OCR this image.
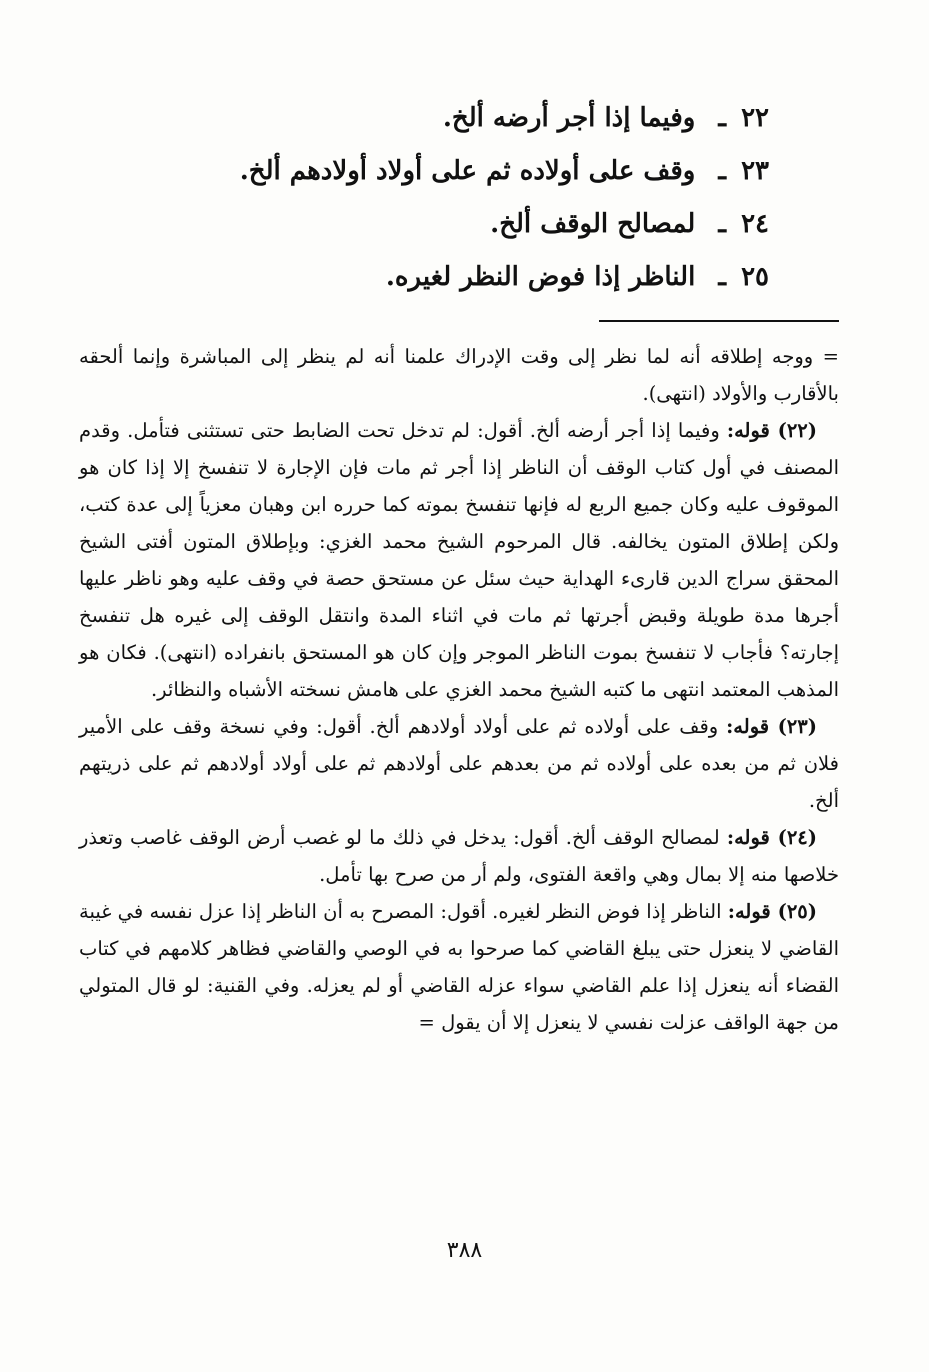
٢٢ ـ وفيما إذا أجر أرضه ألخ.
٢٣ ـ وقف على أولاده ثم على أولاد أولادهم ألخ.
٢٤ ـ لمصالح الوقف ألخ.
٢٥ ـ الناظر إذا فوض النظر لغيره.

= ووجه إطلاقه أنه لما نظر إلى وقت الإدراك علمنا أنه لم ينظر إلى المباشرة وإنما ألحقه بالأقارب والأولاد (انتهى).

(٢٢) قوله: وفيما إذا أجر أرضه ألخ. أقول: لم تدخل تحت الضابط حتى تستثنى فتأمل. وقدم المصنف في أول كتاب الوقف أن الناظر إذا أجر ثم مات فإن الإجارة لا تنفسخ إلا إذا كان هو الموقوف عليه وكان جميع الربع له فإنها تنفسخ بموته كما حرره ابن وهبان معزياً إلى عدة كتب، ولكن إطلاق المتون يخالفه. قال المرحوم الشيخ محمد الغزي: وبإطلاق المتون أفتى الشيخ المحقق سراج الدين قارىء الهداية حيث سئل عن مستحق حصة في وقف عليه وهو ناظر عليها أجرها مدة طويلة وقبض أجرتها ثم مات في اثناء المدة وانتقل الوقف إلى غيره هل تنفسخ إجارته؟ فأجاب لا تنفسخ بموت الناظر الموجر وإن كان هو المستحق بانفراده (انتهى). فكان هو المذهب المعتمد انتهى ما كتبه الشيخ محمد الغزي على هامش نسخته الأشباه والنظائر.

(٢٣) قوله: وقف على أولاده ثم على أولاد أولادهم ألخ. أقول: وفي نسخة وقف على الأمير فلان ثم من بعده على أولاده ثم من بعدهم على أولادهم ثم على أولاد أولادهم ثم على ذريتهم ألخ.

(٢٤) قوله: لمصالح الوقف ألخ. أقول: يدخل في ذلك ما لو غصب أرض الوقف غاصب وتعذر خلاصها منه إلا بمال وهي واقعة الفتوى، ولم أر من صرح بها تأمل.

(٢٥) قوله: الناظر إذا فوض النظر لغيره. أقول: المصرح به أن الناظر إذا عزل نفسه في غيبة القاضي لا ينعزل حتى يبلغ القاضي كما صرحوا به في الوصي والقاضي فظاهر كلامهم في كتاب القضاء أنه ينعزل إذا علم القاضي سواء عزله القاضي أو لم يعزله. وفي القنية: لو قال المتولي من جهة الواقف عزلت نفسي لا ينعزل إلا أن يقول =

٣٨٨
